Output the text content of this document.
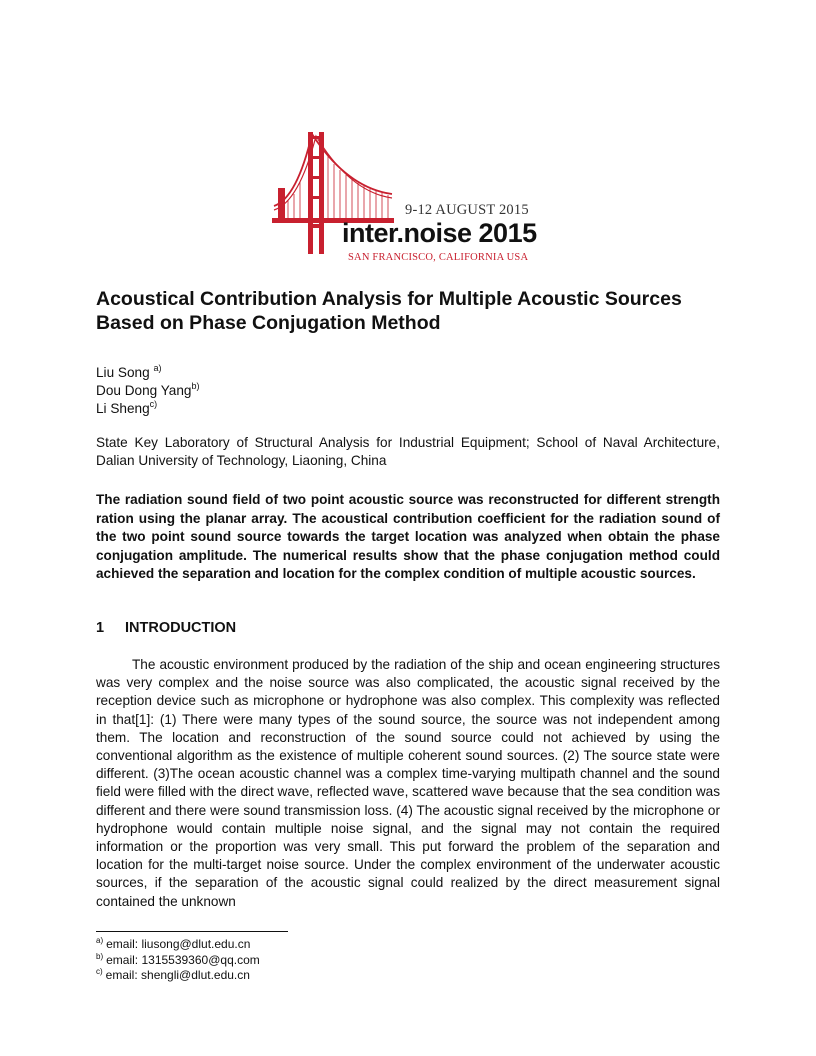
9-12 AUGUST 2015
inter.noise 2015
SAN FRANCISCO, CALIFORNIA USA
Acoustical Contribution Analysis for Multiple Acoustic Sources Based on Phase Conjugation Method
Liu Song $^{a)}$
Dou Dong Yang$^{b)}$
Li Sheng$^{c)}$
State Key Laboratory of Structural Analysis for Industrial Equipment; School of Naval Architecture, Dalian University of Technology, Liaoning, China
The radiation sound field of two point acoustic source was reconstructed for different strength ration using the planar array. The acoustical contribution coefficient for the radiation sound of the two point sound source towards the target location was analyzed when obtain the phase conjugation amplitude. The numerical results show that the phase conjugation method could achieved the separation and location for the complex condition of multiple acoustic sources.
1 INTRODUCTION
The acoustic environment produced by the radiation of the ship and ocean engineering structures was very complex and the noise source was also complicated, the acoustic signal received by the reception device such as microphone or hydrophone was also complex. This complexity was reflected in that[1]: (1) There were many types of the sound source, the source was not independent among them. The location and reconstruction of the sound source could not achieved by using the conventional algorithm as the existence of multiple coherent sound sources. (2) The source state were different. (3)The ocean acoustic channel was a complex time-varying multipath channel and the sound field were filled with the direct wave, reflected wave, scattered wave because that the sea condition was different and there were sound transmission loss. (4) The acoustic signal received by the microphone or hydrophone would contain multiple noise signal, and the signal may not contain the required information or the proportion was very small. This put forward the problem of the separation and location for the multi-target noise source. Under the complex environment of the underwater acoustic sources, if the separation of the acoustic signal could realized by the direct measurement signal contained the unknown
$^{a)}$ email: liusong@dlut.edu.cn
$^{b)}$ email: 1315539360@qq.com
$^{c)}$ email: shengli@dlut.edu.cn
